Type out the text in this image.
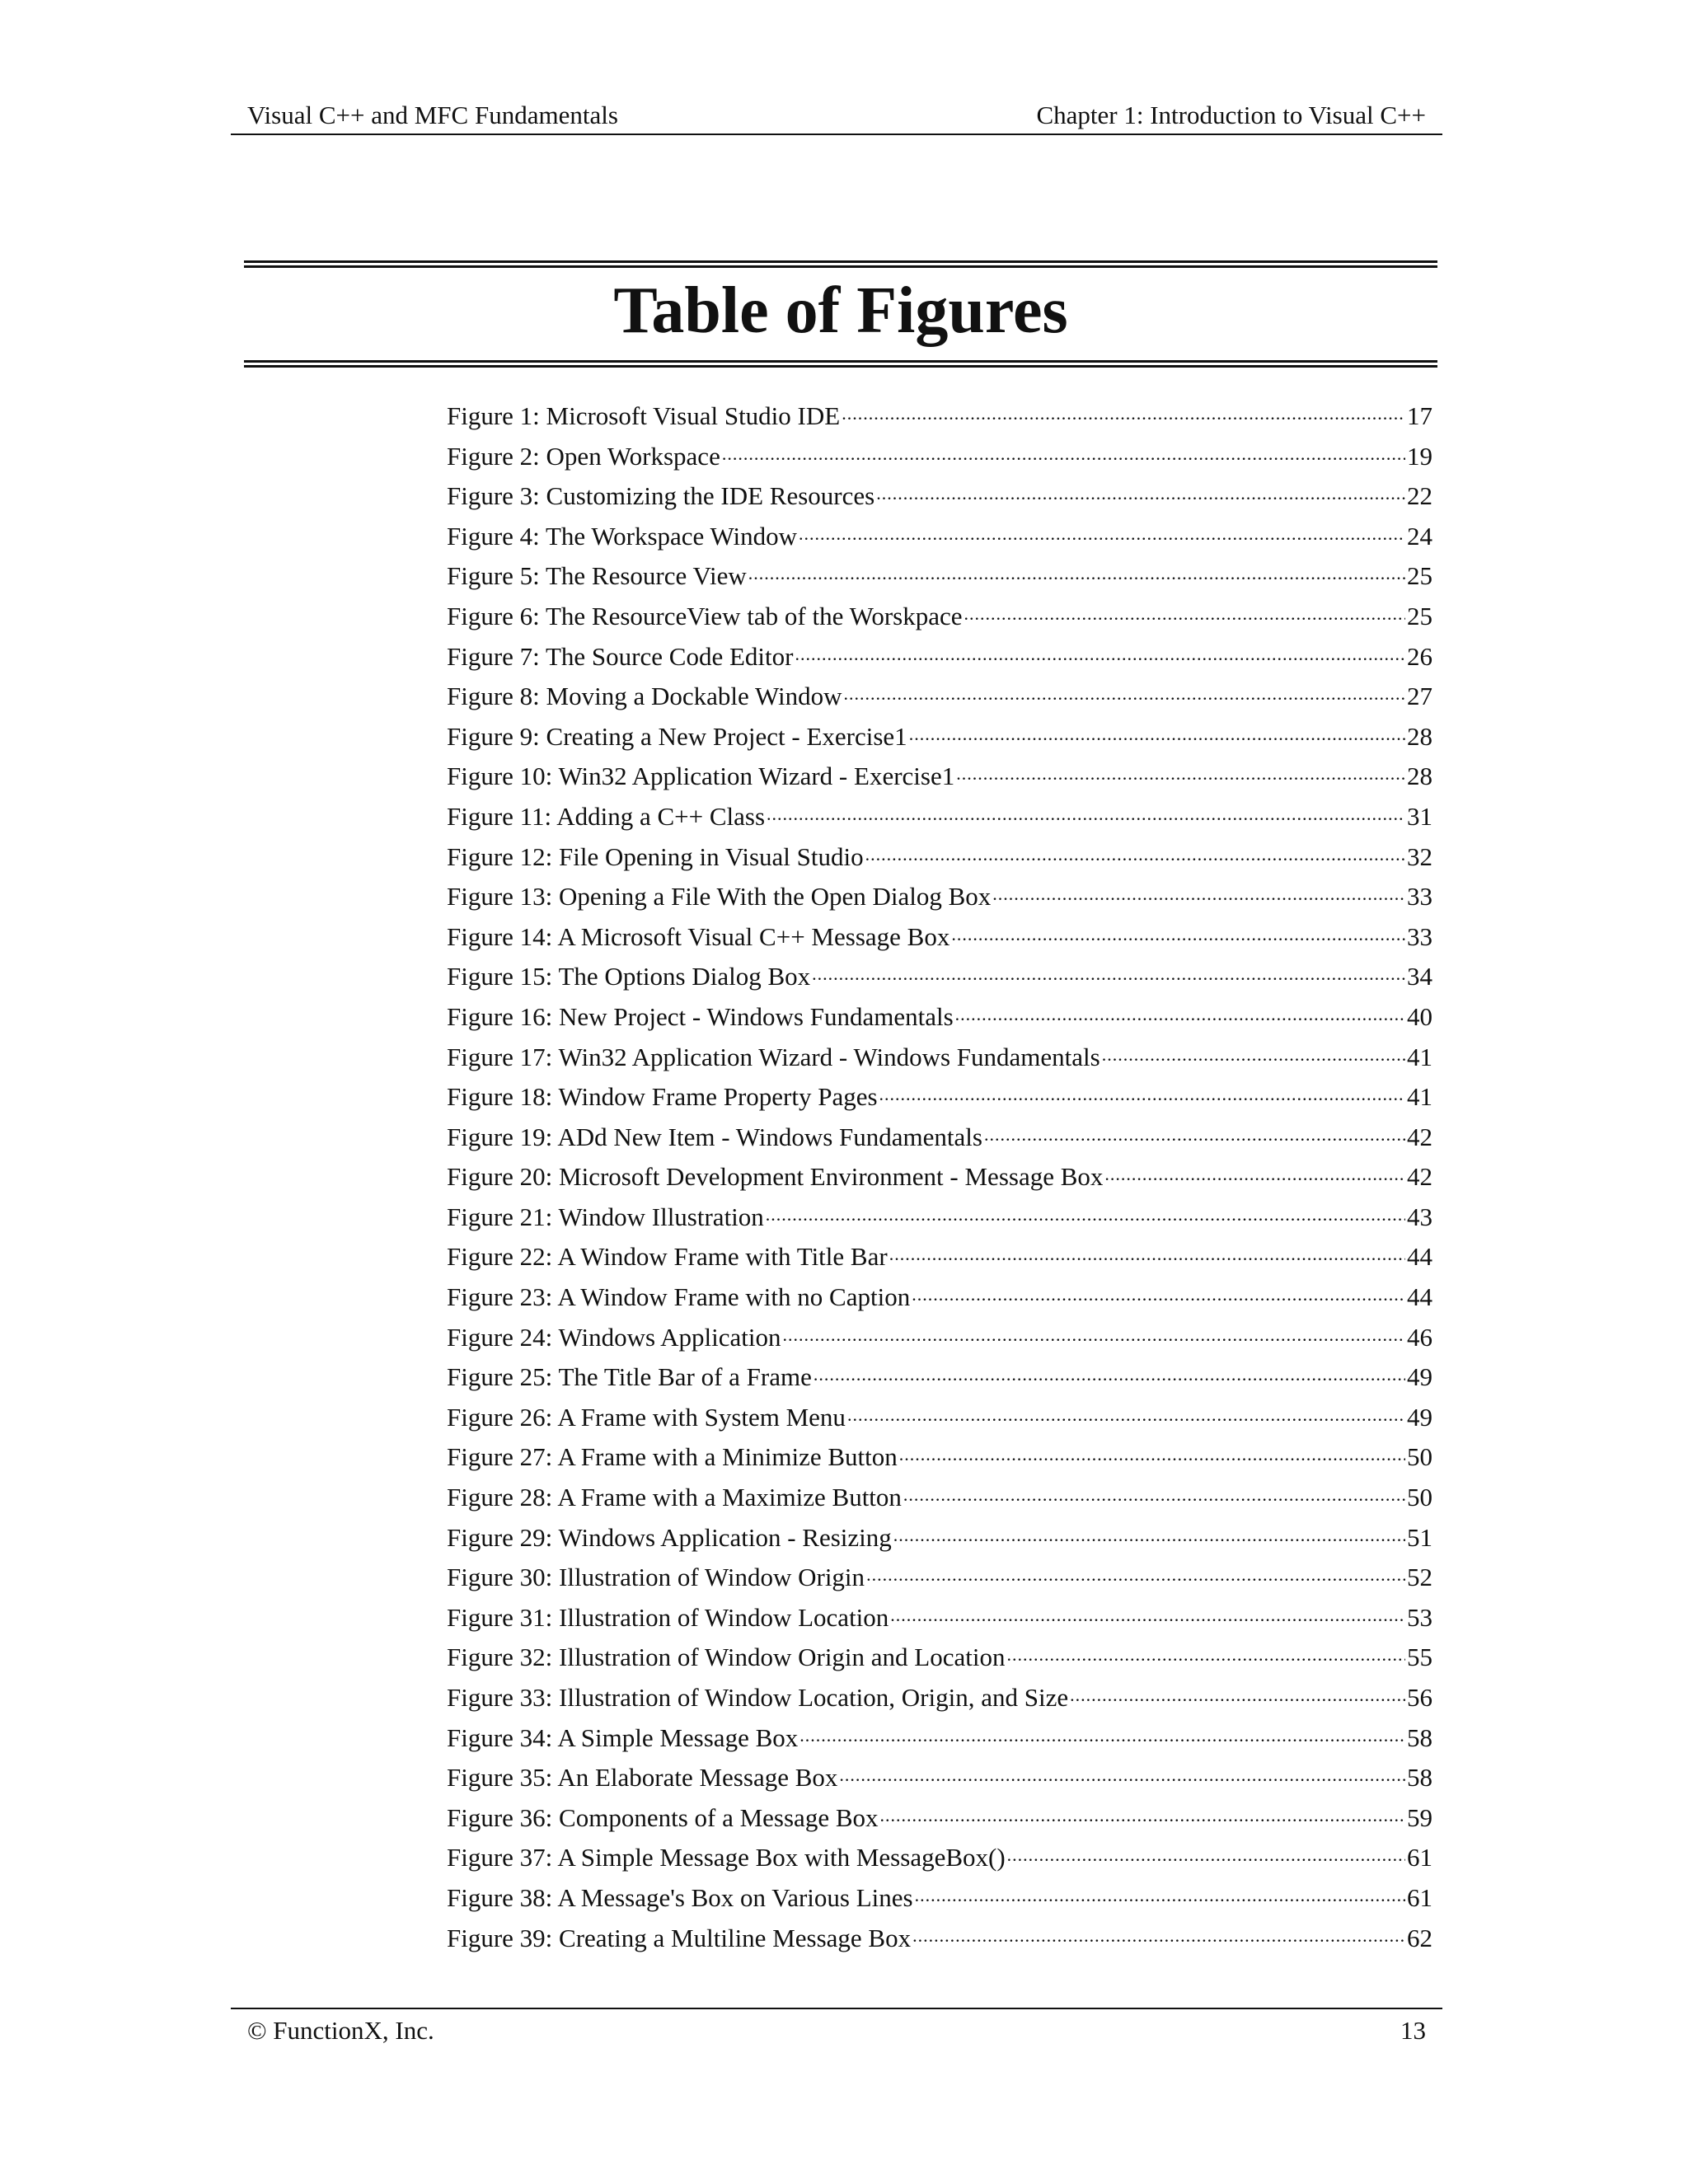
Visual C++ and MFC Fundamentals	Chapter 1: Introduction to Visual C++
Table of Figures
Figure 1: Microsoft Visual Studio IDE .....	17
Figure 2: Open Workspace .....	19
Figure 3: Customizing the IDE Resources .....	22
Figure 4: The Workspace Window .....	24
Figure 5: The Resource View .....	25
Figure 6: The ResourceView tab of the Worskpace .....	25
Figure 7: The Source Code Editor .....	26
Figure 8: Moving a Dockable Window .....	27
Figure 9: Creating a New Project - Exercise1 .....	28
Figure 10: Win32 Application Wizard - Exercise1 .....	28
Figure 11: Adding a C++ Class .....	31
Figure 12: File Opening in Visual Studio .....	32
Figure 13: Opening a File With the Open Dialog Box .....	33
Figure 14: A Microsoft Visual C++ Message Box .....	33
Figure 15: The Options Dialog Box .....	34
Figure 16: New Project - Windows Fundamentals .....	40
Figure 17: Win32 Application Wizard - Windows Fundamentals .....	41
Figure 18: Window Frame Property Pages .....	41
Figure 19: ADd New Item - Windows Fundamentals .....	42
Figure 20: Microsoft Development Environment - Message Box .....	42
Figure 21: Window Illustration .....	43
Figure 22: A Window Frame with Title Bar .....	44
Figure 23: A Window Frame with no Caption .....	44
Figure 24: Windows Application .....	46
Figure 25: The Title Bar of a Frame .....	49
Figure 26: A Frame with System Menu .....	49
Figure 27: A Frame with a Minimize Button .....	50
Figure 28: A Frame with a Maximize Button .....	50
Figure 29: Windows Application - Resizing .....	51
Figure 30: Illustration of Window Origin .....	52
Figure 31: Illustration of Window Location .....	53
Figure 32: Illustration of Window Origin and Location .....	55
Figure 33: Illustration of Window Location, Origin, and Size .....	56
Figure 34: A Simple Message Box .....	58
Figure 35: An Elaborate Message Box .....	58
Figure 36: Components of a Message Box .....	59
Figure 37: A Simple Message Box with MessageBox() .....	61
Figure 38: A Message's Box on Various Lines .....	61
Figure 39: Creating a Multiline Message Box .....	62
© FunctionX, Inc.	13
